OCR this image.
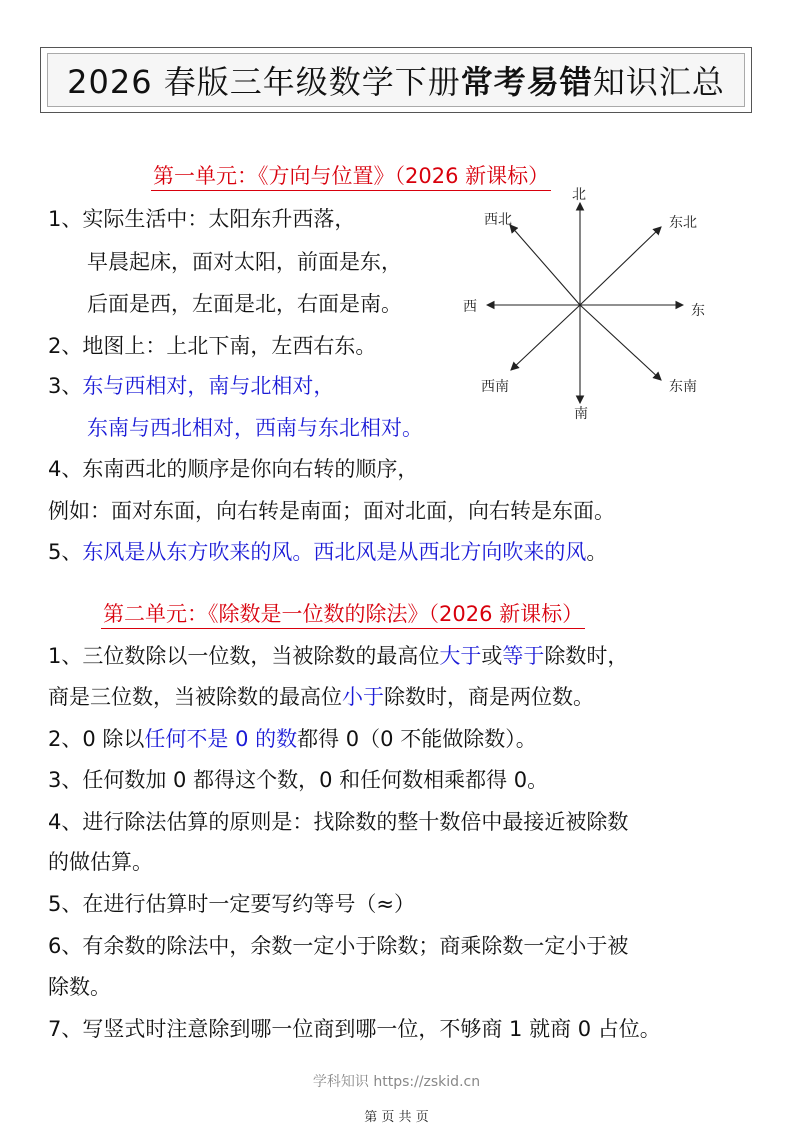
2026 春版三年级数学下册 常考易错 知识汇总
第一单元：《方向与位置》（2026 新课标）
1、实际生活中：太阳东升西落，
早晨起床，面对太阳，前面是东，
后面是西，左面是北，右面是南。
2、地图上：上北下南，左西右东。
3、东与西相对，南与北相对，
东南与西北相对，西南与东北相对。
4、东南西北的顺序是你向右转的顺序，
例如：面对东面，向右转是南面；面对北面，向右转是东面。
5、东风是从东方吹来的风。西北风是从西北方向吹来的风。
北
南
东
西
东北
西北
东南
西南
第二单元：《除数是一位数的除法》（2026 新课标）
1、三位数除以一位数，当被除数的最高位大于或等于除数时，
商是三位数，当被除数的最高位小于除数时，商是两位数。
2、0 除以任何不是 0 的数都得 0（0 不能做除数）。
3、任何数加 0 都得这个数，0 和任何数相乘都得 0。
4、进行除法估算的原则是：找除数的整十数倍中最接近被除数
的做估算。
5、在进行估算时一定要写约等号（≈）
6、有余数的除法中，余数一定小于除数；商乘除数一定小于被
除数。
7、写竖式时注意除到哪一位商到哪一位，不够商 1 就商 0 占位。
学科知识 https://zskid.cn
第 页 共 页
